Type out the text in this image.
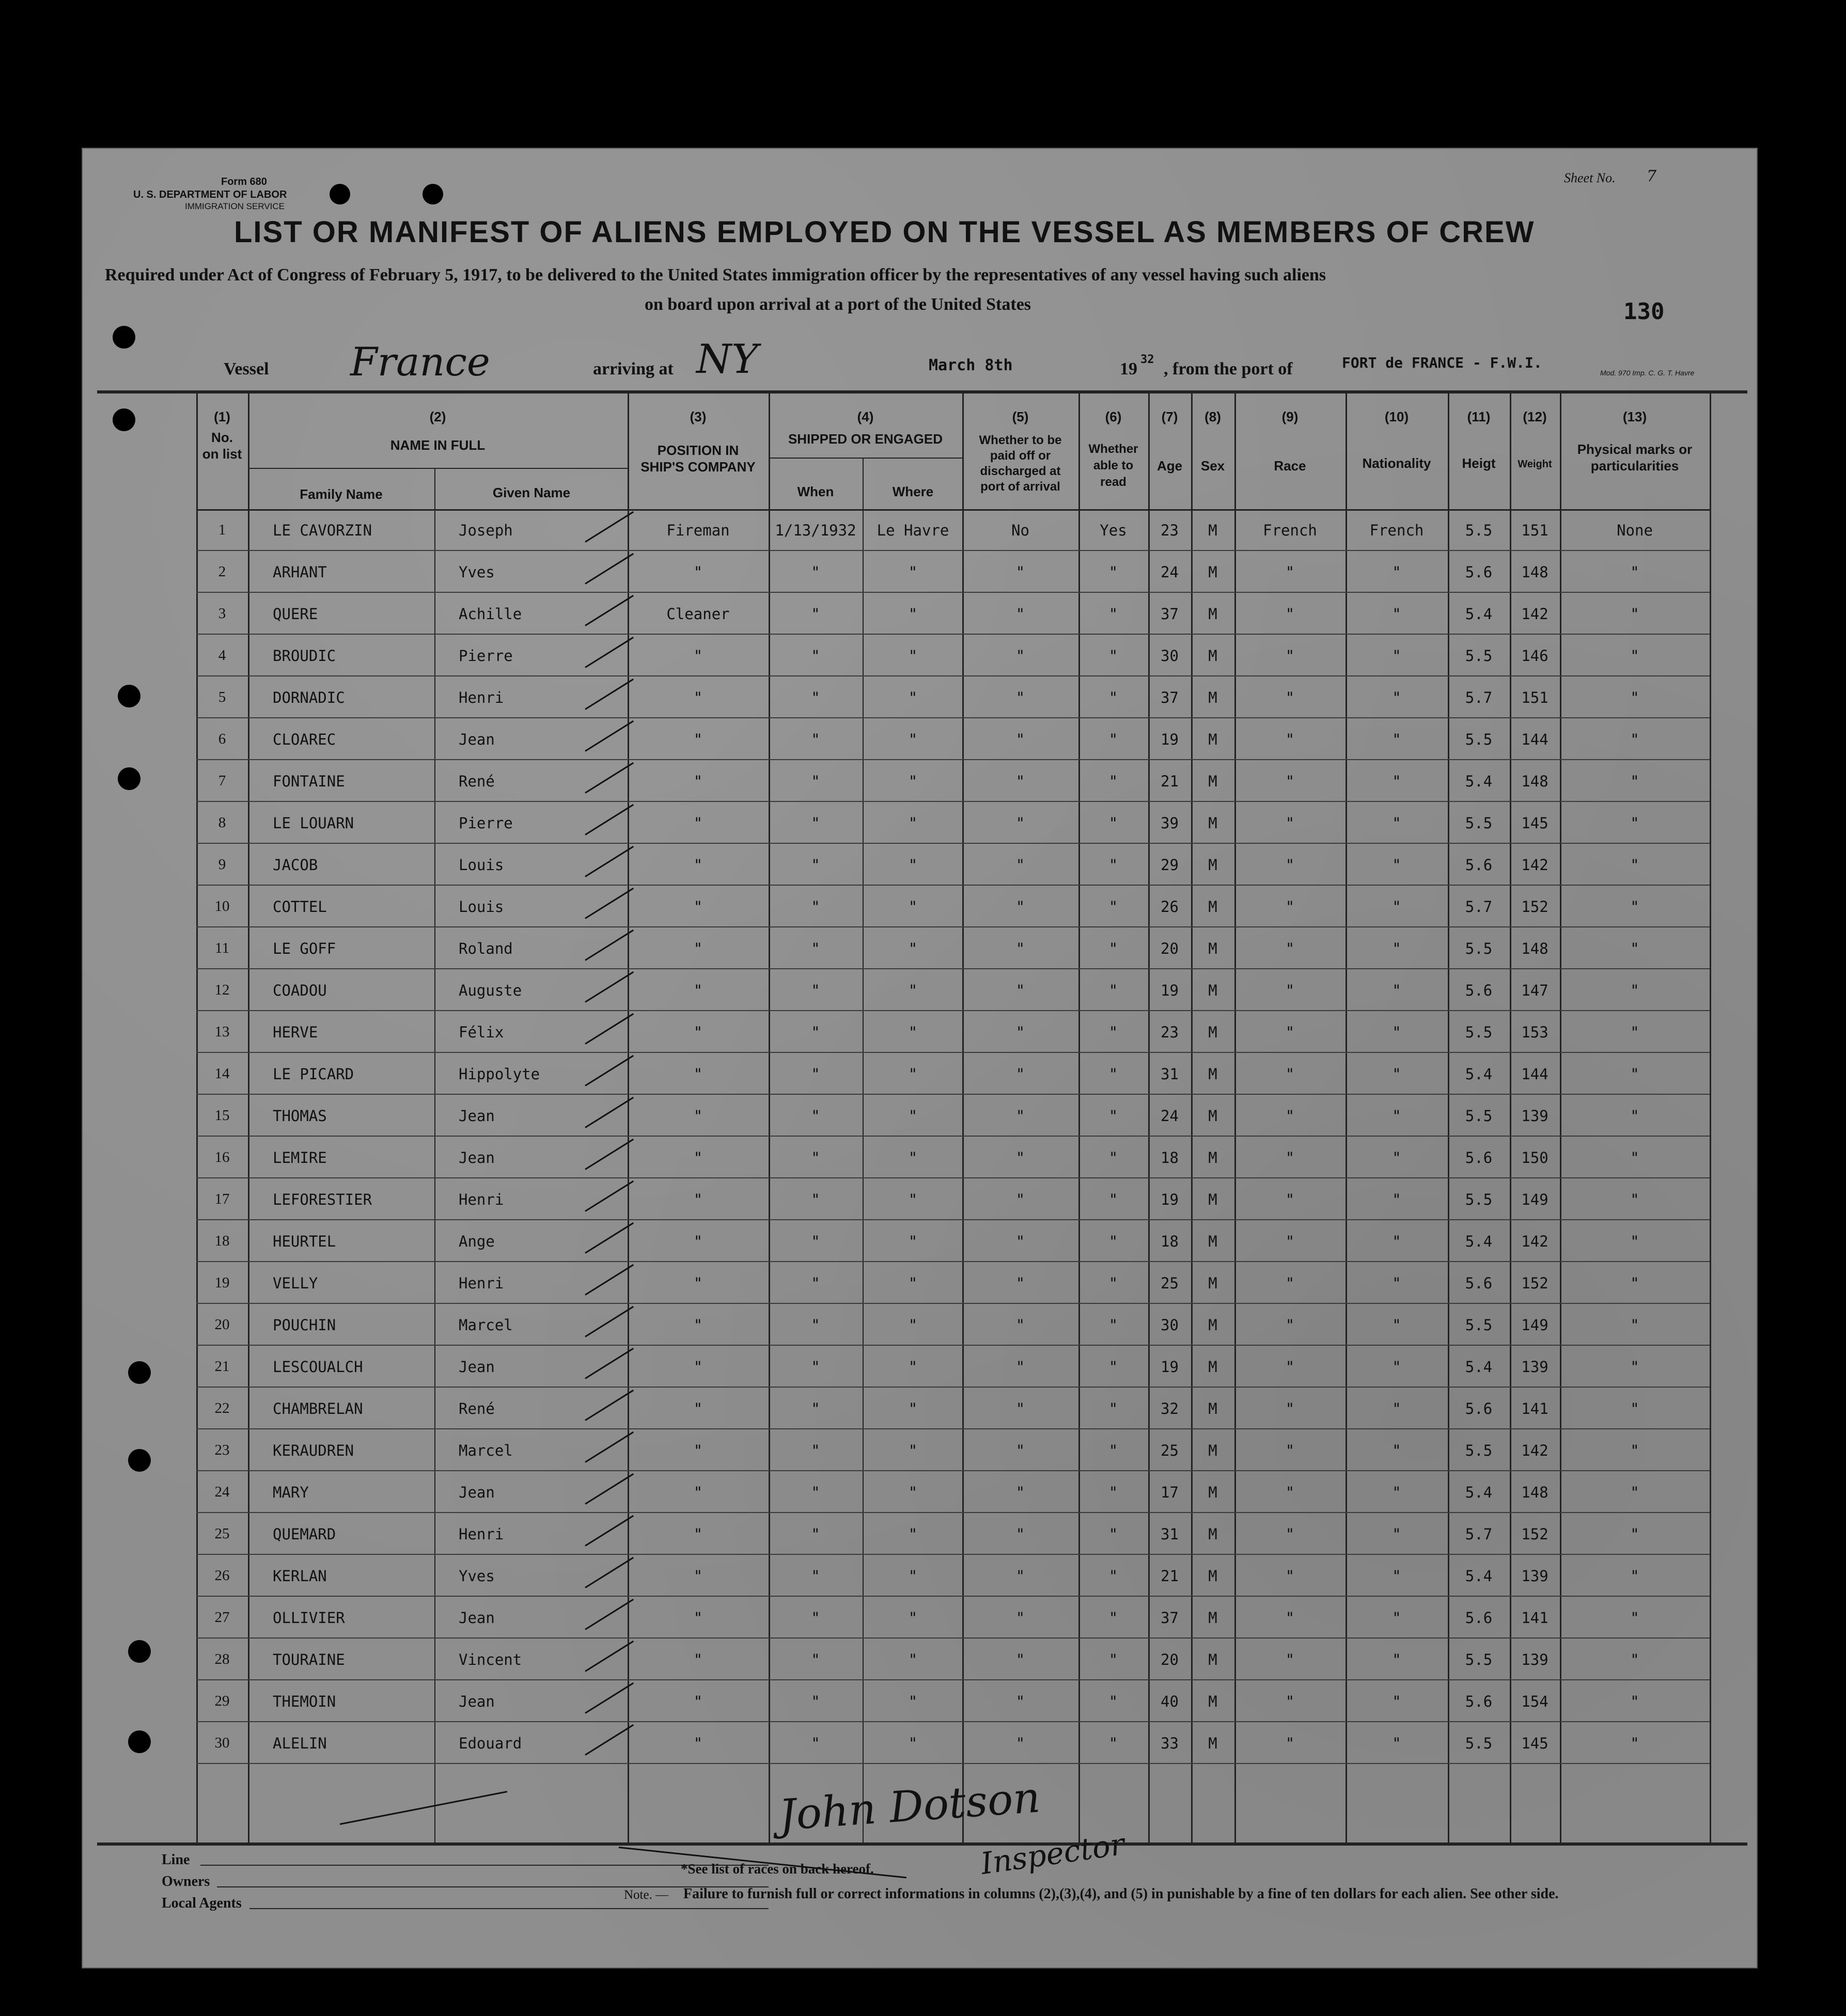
Form 680
U. S. DEPARTMENT OF LABOR
IMMIGRATION SERVICE
Sheet No. 7
LIST OR MANIFEST OF ALIENS EMPLOYED ON THE VESSEL AS MEMBERS OF CREW
Required under Act of Congress of February 5, 1917, to be delivered to the United States immigration officer by the representatives of any vessel having such aliens
on board upon arrival at a port of the United States	130
Vessel France	arriving at NY	March 8th	19 32 , from the port of	FORT de FRANCE - F.W.I.
Mod. 970 Imp. C. G. T. Havre
(1)
No. on list
(2)
NAME IN FULL
Family Name	Given Name
(3)
POSITION IN SHIP'S COMPANY
(4)
SHIPPED OR ENGAGED
When	Where
(5)
Whether to be paid off or discharged at port of arrival
(6)
Whether able to read
(7)
Age
(8)
Sex
(9)
Race
(10)
Nationality
(11)
Heigt
(12)
Weight
(13)
Physical marks or particularities
1	LE CAVORZIN	Joseph	Fireman	1/13/1932	Le Havre	No	Yes	23	M	French	French	5.5	151	None
2	ARHANT	Yves	"	"	"	"	"	24	M	"	"	5.6	148	"
3	QUERE	Achille	Cleaner	"	"	"	"	37	M	"	"	5.4	142	"
4	BROUDIC	Pierre	"	"	"	"	"	30	M	"	"	5.5	146	"
5	DORNADIC	Henri	"	"	"	"	"	37	M	"	"	5.7	151	"
6	CLOAREC	Jean	"	"	"	"	"	19	M	"	"	5.5	144	"
7	FONTAINE	René	"	"	"	"	"	21	M	"	"	5.4	148	"
8	LE LOUARN	Pierre	"	"	"	"	"	39	M	"	"	5.5	145	"
9	JACOB	Louis	"	"	"	"	"	29	M	"	"	5.6	142	"
10	COTTEL	Louis	"	"	"	"	"	26	M	"	"	5.7	152	"
11	LE GOFF	Roland	"	"	"	"	"	20	M	"	"	5.5	148	"
12	COADOU	Auguste	"	"	"	"	"	19	M	"	"	5.6	147	"
13	HERVE	Félix	"	"	"	"	"	23	M	"	"	5.5	153	"
14	LE PICARD	Hippolyte	"	"	"	"	"	31	M	"	"	5.4	144	"
15	THOMAS	Jean	"	"	"	"	"	24	M	"	"	5.5	139	"
16	LEMIRE	Jean	"	"	"	"	"	18	M	"	"	5.6	150	"
17	LEFORESTIER	Henri	"	"	"	"	"	19	M	"	"	5.5	149	"
18	HEURTEL	Ange	"	"	"	"	"	18	M	"	"	5.4	142	"
19	VELLY	Henri	"	"	"	"	"	25	M	"	"	5.6	152	"
20	POUCHIN	Marcel	"	"	"	"	"	30	M	"	"	5.5	149	"
21	LESCOUALCH	Jean	"	"	"	"	"	19	M	"	"	5.4	139	"
22	CHAMBRELAN	René	"	"	"	"	"	32	M	"	"	5.6	141	"
23	KERAUDREN	Marcel	"	"	"	"	"	25	M	"	"	5.5	142	"
24	MARY	Jean	"	"	"	"	"	17	M	"	"	5.4	148	"
25	QUEMARD	Henri	"	"	"	"	"	31	M	"	"	5.7	152	"
26	KERLAN	Yves	"	"	"	"	"	21	M	"	"	5.4	139	"
27	OLLIVIER	Jean	"	"	"	"	"	37	M	"	"	5.6	141	"
28	TOURAINE	Vincent	"	"	"	"	"	20	M	"	"	5.5	139	"
29	THEMOIN	Jean	"	"	"	"	"	40	M	"	"	5.6	154	"
30	ALELIN	Edouard	"	"	"	"	"	33	M	"	"	5.5	145	"
Line
Owners
Local Agents
*See list of races on back hereof.
Note. — Failure to furnish full or correct informations in columns (2),(3),(4), and (5) in punishable by a fine of ten dollars for each alien. See other side.
John Dotson
Inspector
